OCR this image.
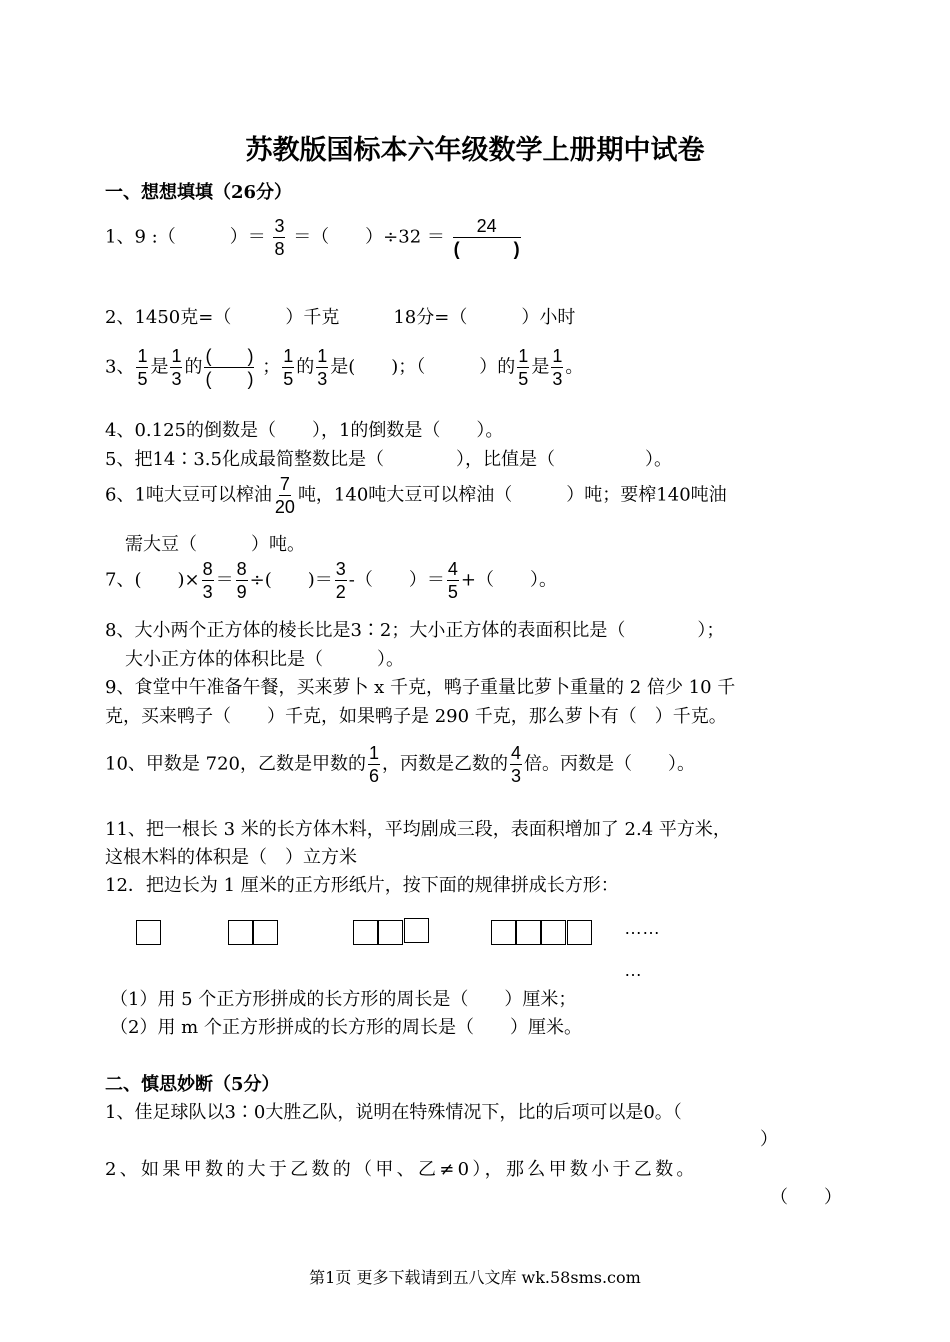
苏教版国标本六年级数学上册期中试卷
一、想想填填（26分）
1、9 :（　　　）＝ $\frac{3}{8}$ ＝（　　）$\div 32 = \frac{24}{( )}$
2、1450克=（　　　）千克　　　18分=（　　　）小时
3、 $\frac{1}{5}$ 是 $\frac{1}{3}$ 的 $\frac{( )}{( )}$ ； $\frac{1}{5}$ 的 $\frac{1}{3}$ 是(　　)；（　　　）的 $\frac{1}{5}$ 是 $\frac{1}{3}$ 。
4、0.125的倒数是（　　），1的倒数是（　　）。
5、把14∶3.5化成最简整数比是（　　　　），比值是（　　　　　）。
6、1吨大豆可以榨油 $\frac{7}{20}$ 吨，140吨大豆可以榨油（　　　）吨；要榨140吨油
需大豆（　　　）吨。
7、(　　)× $\frac{8}{3} = \frac{8}{9}$ ÷(　　)＝ $\frac{3}{2}$ -（　　）＝ $\frac{4}{5}$ +（　　）。
8、大小两个正方体的棱长比是3∶2；大小正方体的表面积比是（　　　　）；
大小正方体的体积比是（　　　）。
9、食堂中午准备午餐，买来萝卜 x 千克，鸭子重量比萝卜重量的 2 倍少 10 千
克，买来鸭子（　　）千克，如果鸭子是 290 千克，那么萝卜有（　）千克。
10、甲数是 720，乙数是甲数的 $\frac{1}{6}$ ，丙数是乙数的 $\frac{4}{3}$ 倍。丙数是（　　）。
11、把一根长 3 米的长方体木料，平均剧成三段，表面积增加了 2.4 平方米，
这根木料的体积是（　）立方米
12．把边长为 1 厘米的正方形纸片，按下面的规律拼成长方形：
……
…
（1）用 5 个正方形拼成的长方形的周长是（　　）厘米；
（2）用 m 个正方形拼成的长方形的周长是（　　）厘米。
二、慎思妙断（5分）
1、佳足球队以3∶0大胜乙队，说明在特殊情况下，比的后项可以是0。（
）
2、如果甲数的大于乙数的（甲、乙≠0），那么甲数小于乙数。
（　　）
第1页 更多下载请到五八文库 wk.58sms.com
